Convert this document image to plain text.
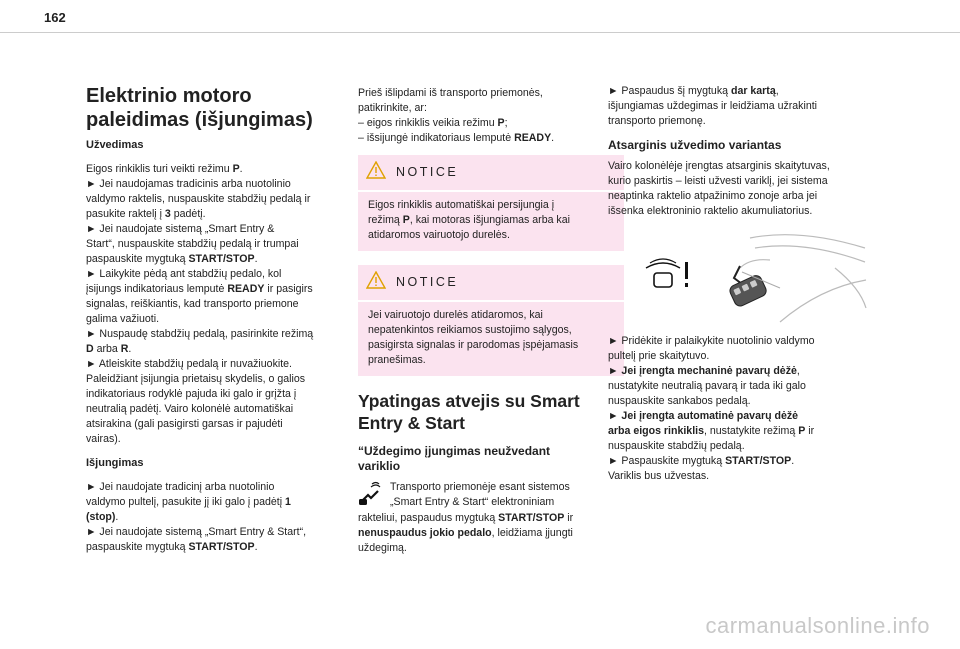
162
Elektrinio motoro
paleidimas (išjungimas)
Užvedimas

Eigos rinkiklis turi veikti režimu P.
► Jei naudojamas tradicinis arba nuotolinio
valdymo raktelis, nuspauskite stabdžių pedalą ir
pasukite raktelį į 3 padėtį.
► Jei naudojate sistemą „Smart Entry &
Start“, nuspauskite stabdžių pedalą ir trumpai
paspauskite mygtuką START/STOP.
► Laikykite pėdą ant stabdžių pedalo, kol
įsijungs indikatoriaus lemputė READY ir pasigirs
signalas, reiškiantis, kad transporto priemone
galima važiuoti.
► Nuspaudę stabdžių pedalą, pasirinkite režimą
D arba R.
► Atleiskite stabdžių pedalą ir nuvažiuokite.
Paleidžiant įsijungia prietaisų skydelis, o galios
indikatoriaus rodyklė pajuda iki galo ir grįžta į
neutralią padėtį. Vairo kolonėlė automatiškai
atsirakina (gali pasigirsti garsas ir pajudėti
vairas).

Išjungimas

► Jei naudojate tradicinį arba nuotolinio
valdymo pultelį, pasukite jį iki galo į padėtį 1
(stop).
► Jei naudojate sistemą „Smart Entry & Start“,
paspauskite mygtuką START/STOP.

Prieš išlipdami iš transporto priemonės,
patikrinkite, ar:
– eigos rinkiklis veikia režimu P;
– išsijungė indikatoriaus lemputė READY.

NOTICE
Eigos rinkiklis automatiškai persijungia į
režimą P, kai motoras išjungiamas arba kai
atidaromos vairuotojo durelės.
NOTICE
Jei vairuotojo durelės atidaromos, kai
nepatenkintos reikiamos sustojimo sąlygos,
pasigirsta signalas ir parodomas įspėjamasis
pranešimas.
Ypatingas atvejis su Smart
Entry & Start
“Uždegimo įjungimas neužvedant
variklio
Transporto priemonėje esant sistemos
„Smart Entry & Start“ elektroniniam
rakteliui, paspaudus mygtuką START/STOP ir
nenuspaudus jokio pedalo, leidžiama įjungti
uždegimą.

► Paspaudus šį mygtuką dar kartą,
išjungiamas uždegimas ir leidžiama užrakinti
transporto priemonę.

Atsarginis užvedimo variantas

Vairo kolonėlėje įrengtas atsarginis skaitytuvas,
kurio paskirtis – leisti užvesti variklį, jei sistema
neaptinka raktelio atpažinimo zonoje arba jei
išsenka elektroninio raktelio akumuliatorius.

► Pridėkite ir palaikykite nuotolinio valdymo
pultelį prie skaitytuvo.
► Jei įrengta mechaninė pavarų dėžė,
nustatykite neutralią pavarą ir tada iki galo
nuspauskite sankabos pedalą.
► Jei įrengta automatinė pavarų dėžė
arba eigos rinkiklis, nustatykite režimą P ir
nuspauskite stabdžių pedalą.
► Paspauskite mygtuką START/STOP.
Variklis bus užvestas.

carmanualsonline.info
